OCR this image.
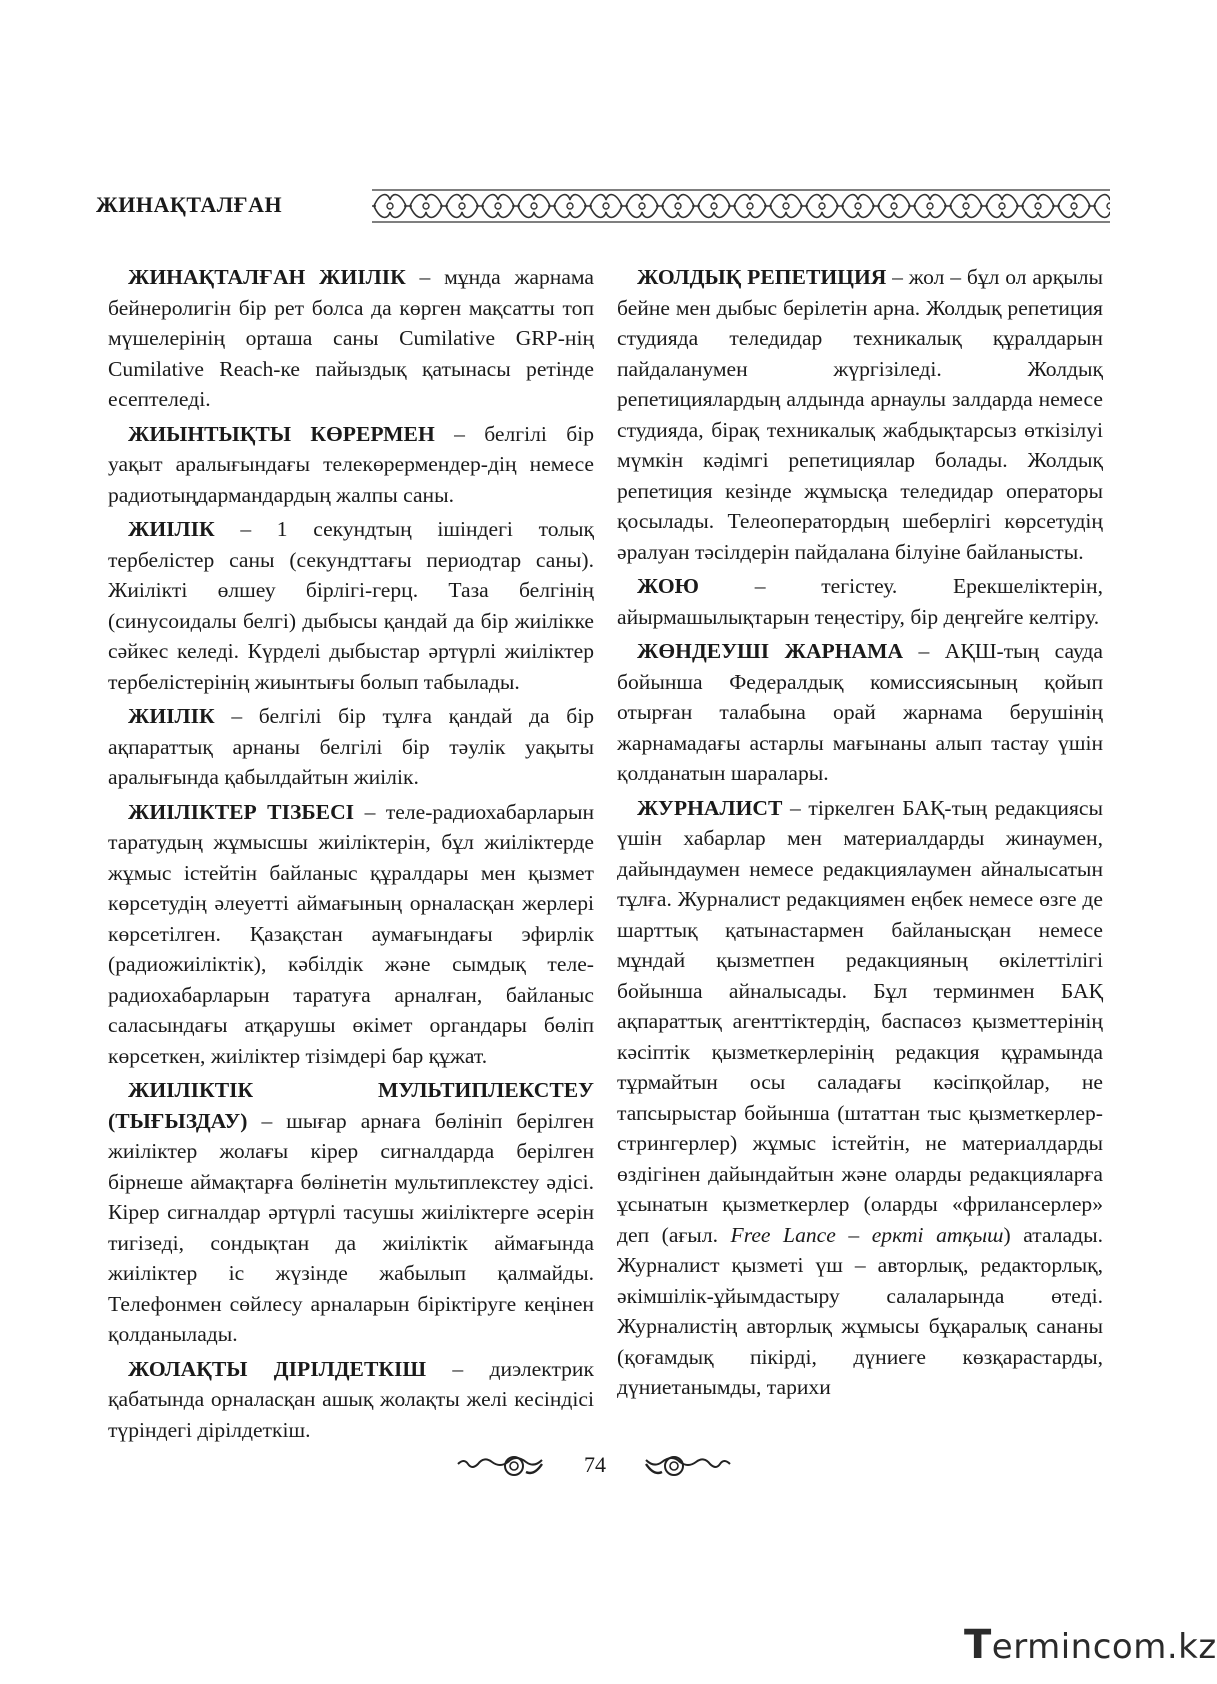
ЖИНАҚТАЛҒАН

ЖИНАҚТАЛҒАН ЖИІЛІК – мұнда жарнама бейнеролигін бір рет болса да көрген мақсатты топ мүшелерінің орташа саны Cumilative GRP-нің Cumilative Reach-ке пайыздық қатынасы ретінде есептеледі.

ЖИЫНТЫҚТЫ КӨРЕРМЕН – белгілі бір уақыт аралығындағы телекөрермендер-дің немесе радиотыңдармандардың жалпы саны.

ЖИІЛІК – 1 секундтың ішіндегі толық тербелістер саны (секундттағы периодтар саны). Жиілікті өлшеу бірлігі-герц. Таза белгінің (синусоидалы белгі) дыбысы қандай да бір жиілікке сәйкес келеді. Күрделі дыбыстар әртүрлі жиіліктер тербелістерінің жиынтығы болып табылады.

ЖИІЛІК – белгілі бір тұлға қандай да бір ақпараттық арнаны белгілі бір тәулік уақыты аралығында қабылдайтын жиілік.

ЖИІЛІКТЕР ТІЗБЕСІ – теле-радиохабарларын таратудың жұмысшы жиіліктерін, бұл жиіліктерде жұмыс істейтін байланыс құралдары мен қызмет көрсетудің әлеуетті аймағының орналасқан жерлері көрсетілген. Қазақстан аумағындағы эфирлік (радиожиіліктік), кәбілдік және сымдық теле-радиохабарларын таратуға арналған, байланыс саласындағы атқарушы өкімет органдары бөліп көрсеткен, жиіліктер тізімдері бар құжат.

ЖИІЛІКТІК МУЛЬТИПЛЕКСТЕУ (ТЫҒЫЗДАУ) – шығар арнаға бөлініп берілген жиіліктер жолағы кірер сигналдарда берілген бірнеше аймақтарға бөлінетін мультиплекстеу әдісі. Кірер сигналдар әртүрлі тасушы жиіліктерге әсерін тигізеді, сондықтан да жиіліктік аймағында жиіліктер іс жүзінде жабылып қалмайды. Телефонмен сөйлесу арналарын біріктіруге кеңінен қолданылады.

ЖОЛАҚТЫ ДІРІЛДЕТКІШ – диэлектрик қабатында орналасқан ашық жолақты желі кесіндісі түріндегі дірілдеткіш.

ЖОЛДЫҚ РЕПЕТИЦИЯ – жол – бұл ол арқылы бейне мен дыбыс берілетін арна. Жолдық репетиция студияда теледидар техникалық құралдарын пайдаланумен жүргізіледі. Жолдық репетициялардың алдында арнаулы залдарда немесе студияда, бірақ техникалық жабдықтарсыз өткізілуі мүмкін кәдімгі репетициялар болады. Жолдық репетиция кезінде жұмысқа теледидар операторы қосылады. Телеоператордың шеберлігі көрсетудің әралуан тәсілдерін пайдалана білуіне байланысты.

ЖОЮ – тегістеу. Ерекшеліктерін, айырмашылықтарын теңестіру, бір деңгейге келтіру.

ЖӨНДЕУШІ ЖАРНАМА – АҚШ-тың сауда бойынша Федералдық комиссиясының қойып отырған талабына орай жарнама берушінің жарнамадағы астарлы мағынаны алып тастау үшін қолданатын шаралары.

ЖУРНАЛИСТ – тіркелген БАҚ-тың редакциясы үшін хабарлар мен материалдарды жинаумен, дайындаумен немесе редакциялаумен айналысатын тұлға. Журналист редакциямен еңбек немесе өзге де шарттық қатынастармен байланысқан немесе мұндай қызметпен редакцияның өкілеттілігі бойынша айналысады. Бұл терминмен БАҚ ақпараттық агенттіктердің, баспасөз қызметтерінің кәсіптік қызметкерлерінің редакция құрамында тұрмайтын осы саладағы кәсіпқойлар, не тапсырыстар бойынша (штаттан тыс қызметкерлер-стрингерлер) жұмыс істейтін, не материалдарды өздігінен дайындайтын және оларды редакцияларға ұсынатын қызметкерлер (оларды «фрилансерлер» деп (ағыл. Free Lance – еркті атқыш) аталады. Журналист қызметі үш – авторлық, редакторлық, әкімшілік-ұйымдастыру салаларында өтеді. Журналистің авторлық жұмысы бұқаралық сананы (қоғамдық пікірді, дүниеге көзқарастарды, дүниетанымды, тарихи

74
Termincom.kz
